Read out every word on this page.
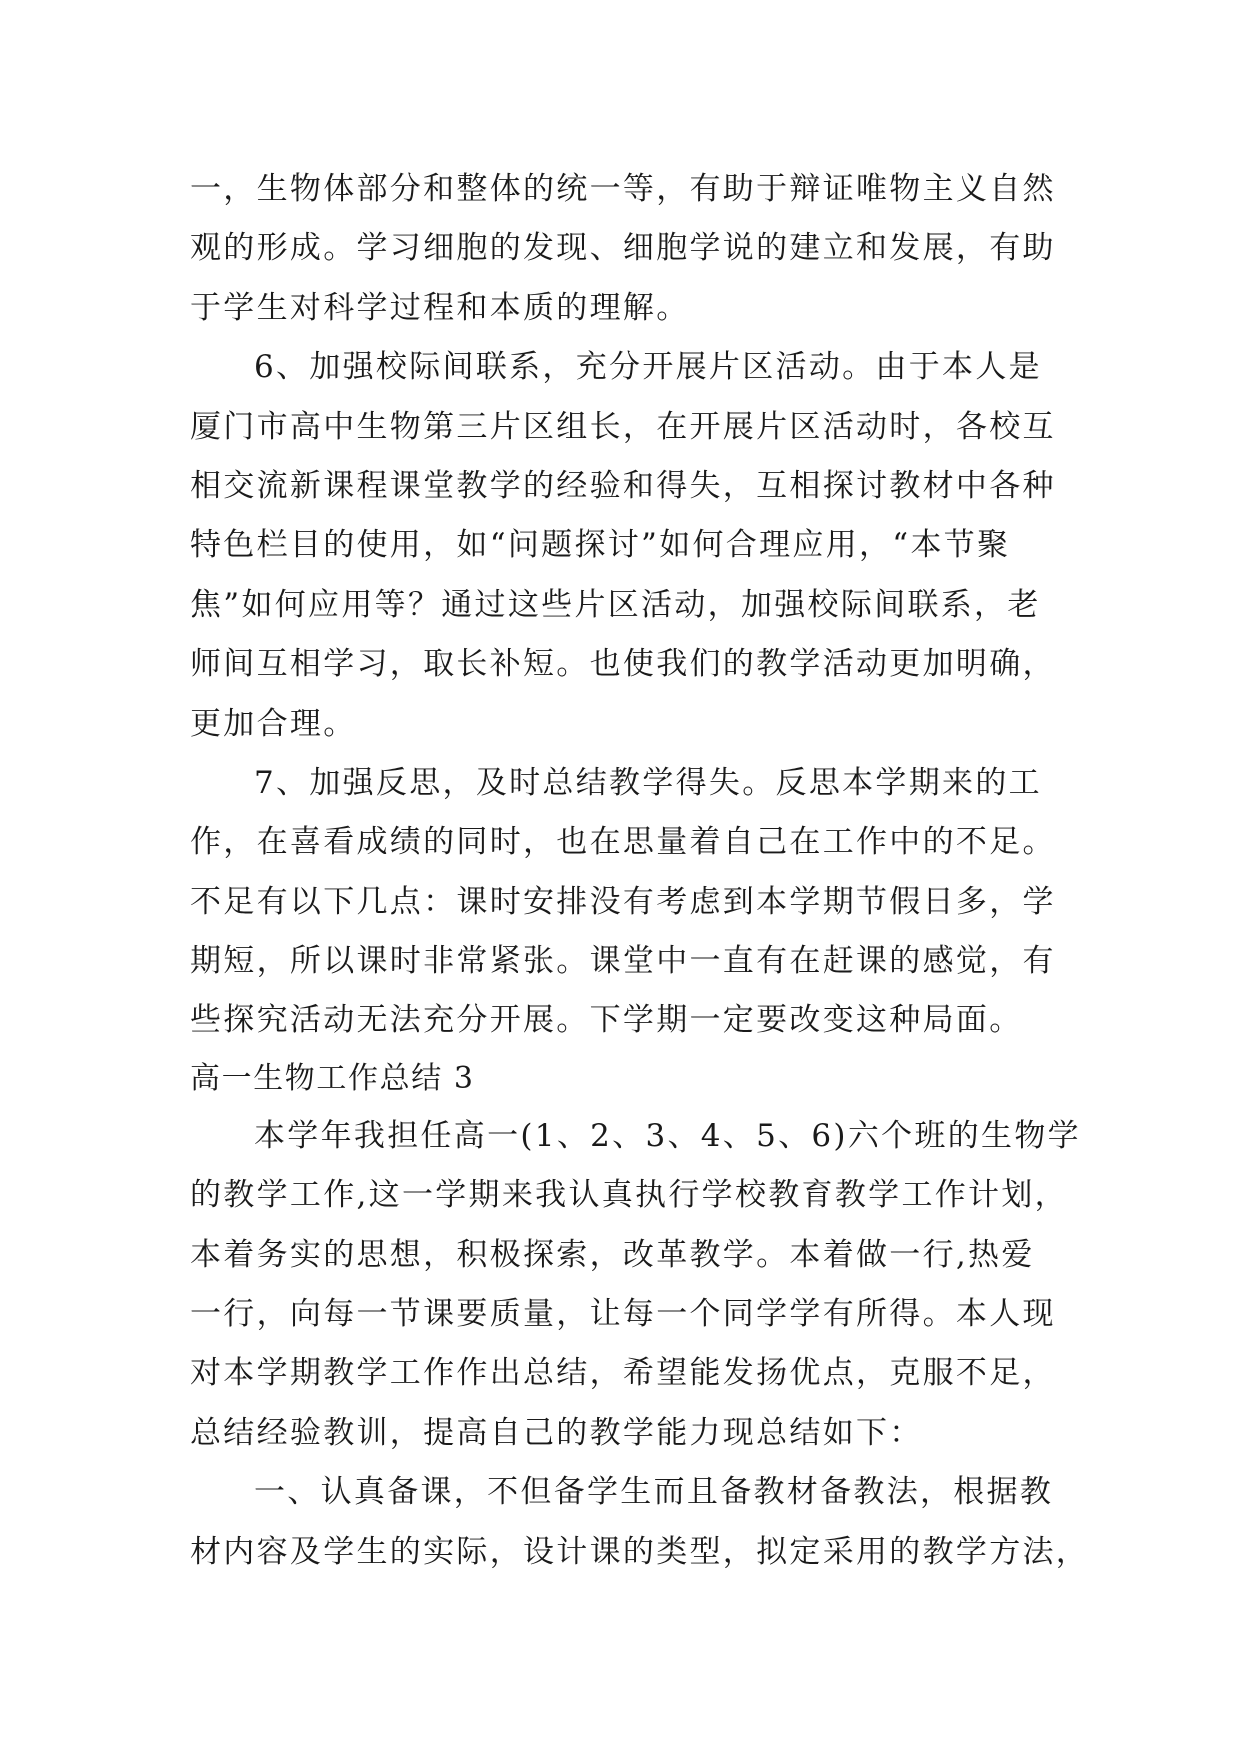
一，生物体部分和整体的统一等，有助于辩证唯物主义自然
观的形成。学习细胞的发现、细胞学说的建立和发展，有助
于学生对科学过程和本质的理解。
6、加强校际间联系，充分开展片区活动。由于本人是
厦门市高中生物第三片区组长，在开展片区活动时，各校互
相交流新课程课堂教学的经验和得失，互相探讨教材中各种
特色栏目的使用，如“问题探讨”如何合理应用，“本节聚
焦”如何应用等？通过这些片区活动，加强校际间联系，老
师间互相学习，取长补短。也使我们的教学活动更加明确，
更加合理。
7、加强反思，及时总结教学得失。反思本学期来的工
作，在喜看成绩的同时，也在思量着自己在工作中的不足。
不足有以下几点：课时安排没有考虑到本学期节假日多，学
期短，所以课时非常紧张。课堂中一直有在赶课的感觉，有
些探究活动无法充分开展。下学期一定要改变这种局面。
高一生物工作总结 3
本学年我担任高一(1、2、3、4、5、6)六个班的生物学
的教学工作,这一学期来我认真执行学校教育教学工作计划，
本着务实的思想，积极探索，改革教学。本着做一行,热爱
一行，向每一节课要质量，让每一个同学学有所得。本人现
对本学期教学工作作出总结，希望能发扬优点，克服不足，
总结经验教训，提高自己的教学能力现总结如下：
一、认真备课，不但备学生而且备教材备教法，根据教
材内容及学生的实际，设计课的类型，拟定采用的教学方法，
